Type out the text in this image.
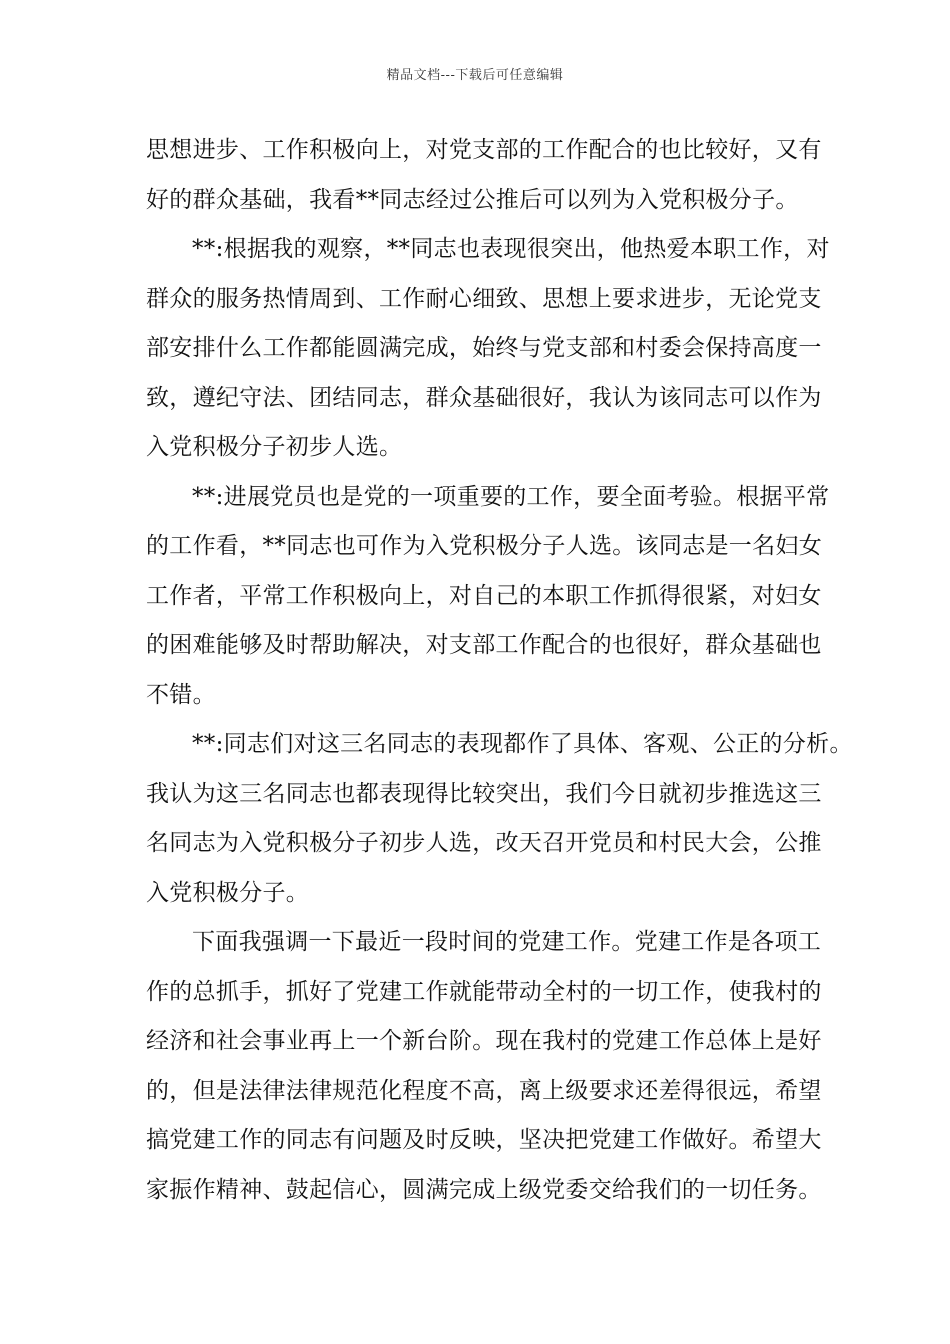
精品文档---下载后可任意编辑
思想进步、工作积极向上，对党支部的工作配合的也比较好，又有
好的群众基础，我看**同志经过公推后可以列为入党积极分子。
**:根据我的观察，**同志也表现很突出，他热爱本职工作，对
群众的服务热情周到、工作耐心细致、思想上要求进步，无论党支
部安排什么工作都能圆满完成，始终与党支部和村委会保持高度一
致，遵纪守法、团结同志，群众基础很好，我认为该同志可以作为
入党积极分子初步人选。
**:进展党员也是党的一项重要的工作，要全面考验。根据平常
的工作看，**同志也可作为入党积极分子人选。该同志是一名妇女
工作者，平常工作积极向上，对自己的本职工作抓得很紧，对妇女
的困难能够及时帮助解决，对支部工作配合的也很好，群众基础也
不错。
**:同志们对这三名同志的表现都作了具体、客观、公正的分析。
我认为这三名同志也都表现得比较突出，我们今日就初步推选这三
名同志为入党积极分子初步人选，改天召开党员和村民大会，公推
入党积极分子。
下面我强调一下最近一段时间的党建工作。党建工作是各项工
作的总抓手，抓好了党建工作就能带动全村的一切工作，使我村的
经济和社会事业再上一个新台阶。现在我村的党建工作总体上是好
的，但是法律法律规范化程度不高，离上级要求还差得很远，希望
搞党建工作的同志有问题及时反映，坚决把党建工作做好。希望大
家振作精神、鼓起信心，圆满完成上级党委交给我们的一切任务。
